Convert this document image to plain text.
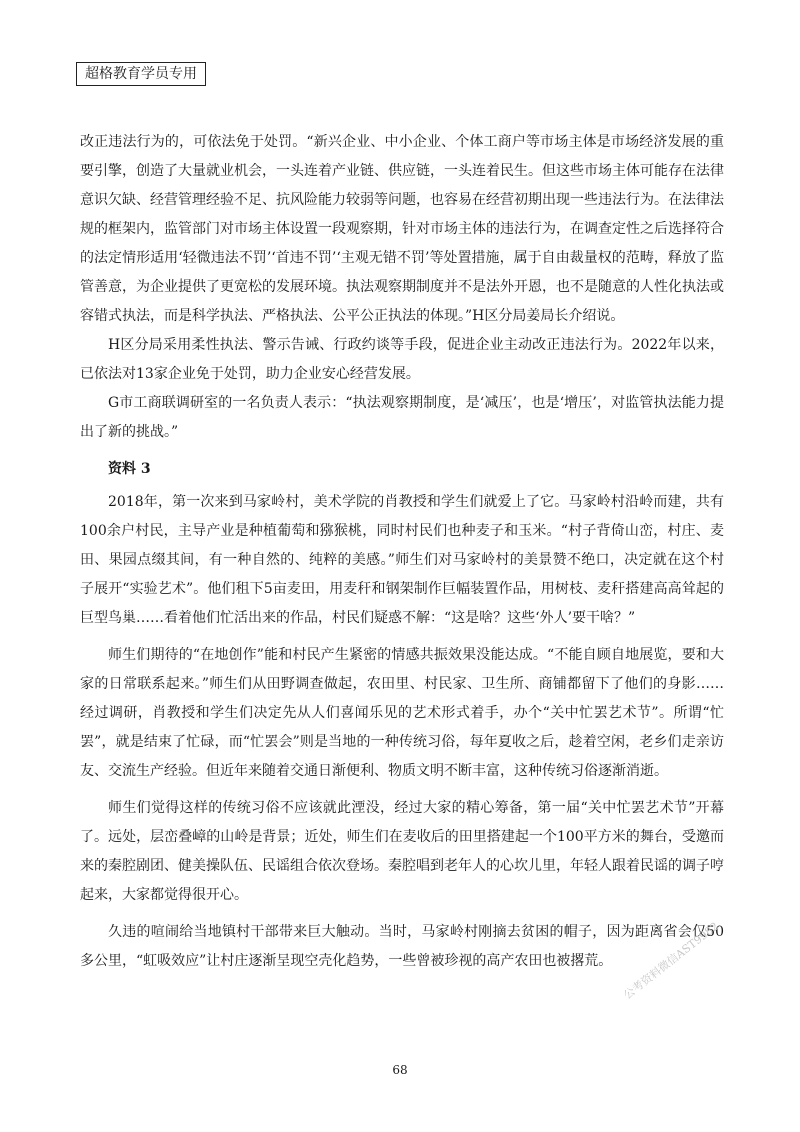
超格教育学员专用

改正违法行为的，可依法免于处罚。“新兴企业、中小企业、个体工商户等市场主体是市场经济发展的重要引擎，创造了大量就业机会，一头连着产业链、供应链，一头连着民生。但这些市场主体可能存在法律意识欠缺、经营管理经验不足、抗风险能力较弱等问题，也容易在经营初期出现一些违法行为。在法律法规的框架内，监管部门对市场主体设置一段观察期，针对市场主体的违法行为，在调查定性之后选择符合的法定情形适用‘轻微违法不罚’‘首违不罚’‘主观无错不罚’等处置措施，属于自由裁量权的范畴，释放了监管善意，为企业提供了更宽松的发展环境。执法观察期制度并不是法外开恩，也不是随意的人性化执法或容错式执法，而是科学执法、严格执法、公平公正执法的体现。”H区分局姜局长介绍说。

H区分局采用柔性执法、警示告诫、行政约谈等手段，促进企业主动改正违法行为。2022年以来，已依法对13家企业免于处罚，助力企业安心经营发展。

G市工商联调研室的一名负责人表示：“执法观察期制度，是‘减压’，也是‘增压’，对监管执法能力提出了新的挑战。”

资料 3

2018年，第一次来到马家岭村，美术学院的肖教授和学生们就爱上了它。马家岭村沿岭而建，共有100余户村民，主导产业是种植葡萄和猕猴桃，同时村民们也种麦子和玉米。“村子背倚山峦，村庄、麦田、果园点缀其间，有一种自然的、纯粹的美感。”师生们对马家岭村的美景赞不绝口，决定就在这个村子展开“实验艺术”。他们租下5亩麦田，用麦秆和钢架制作巨幅装置作品，用树枝、麦秆搭建高高耸起的巨型鸟巢……看着他们忙活出来的作品，村民们疑惑不解：“这是啥？这些‘外人’要干啥？”

师生们期待的“在地创作”能和村民产生紧密的情感共振效果没能达成。“不能自顾自地展览，要和大家的日常联系起来。”师生们从田野调查做起，农田里、村民家、卫生所、商铺都留下了他们的身影……经过调研，肖教授和学生们决定先从人们喜闻乐见的艺术形式着手，办个“关中忙罢艺术节”。所谓“忙罢”，就是结束了忙碌，而“忙罢会”则是当地的一种传统习俗，每年夏收之后，趁着空闲，老乡们走亲访友、交流生产经验。但近年来随着交通日渐便利、物质文明不断丰富，这种传统习俗逐渐消逝。

师生们觉得这样的传统习俗不应该就此湮没，经过大家的精心筹备，第一届“关中忙罢艺术节”开幕了。远处，层峦叠嶂的山岭是背景；近处，师生们在麦收后的田里搭建起一个100平方米的舞台，受邀而来的秦腔剧团、健美操队伍、民谣组合依次登场。秦腔唱到老年人的心坎儿里，年轻人跟着民谣的调子哼起来，大家都觉得很开心。

久违的喧闹给当地镇村干部带来巨大触动。当时，马家岭村刚摘去贫困的帽子，因为距离省会仅50多公里，“虹吸效应”让村庄逐渐呈现空壳化趋势，一些曾被珍视的高产农田也被撂荒。

68
公考资料微信AST9982
